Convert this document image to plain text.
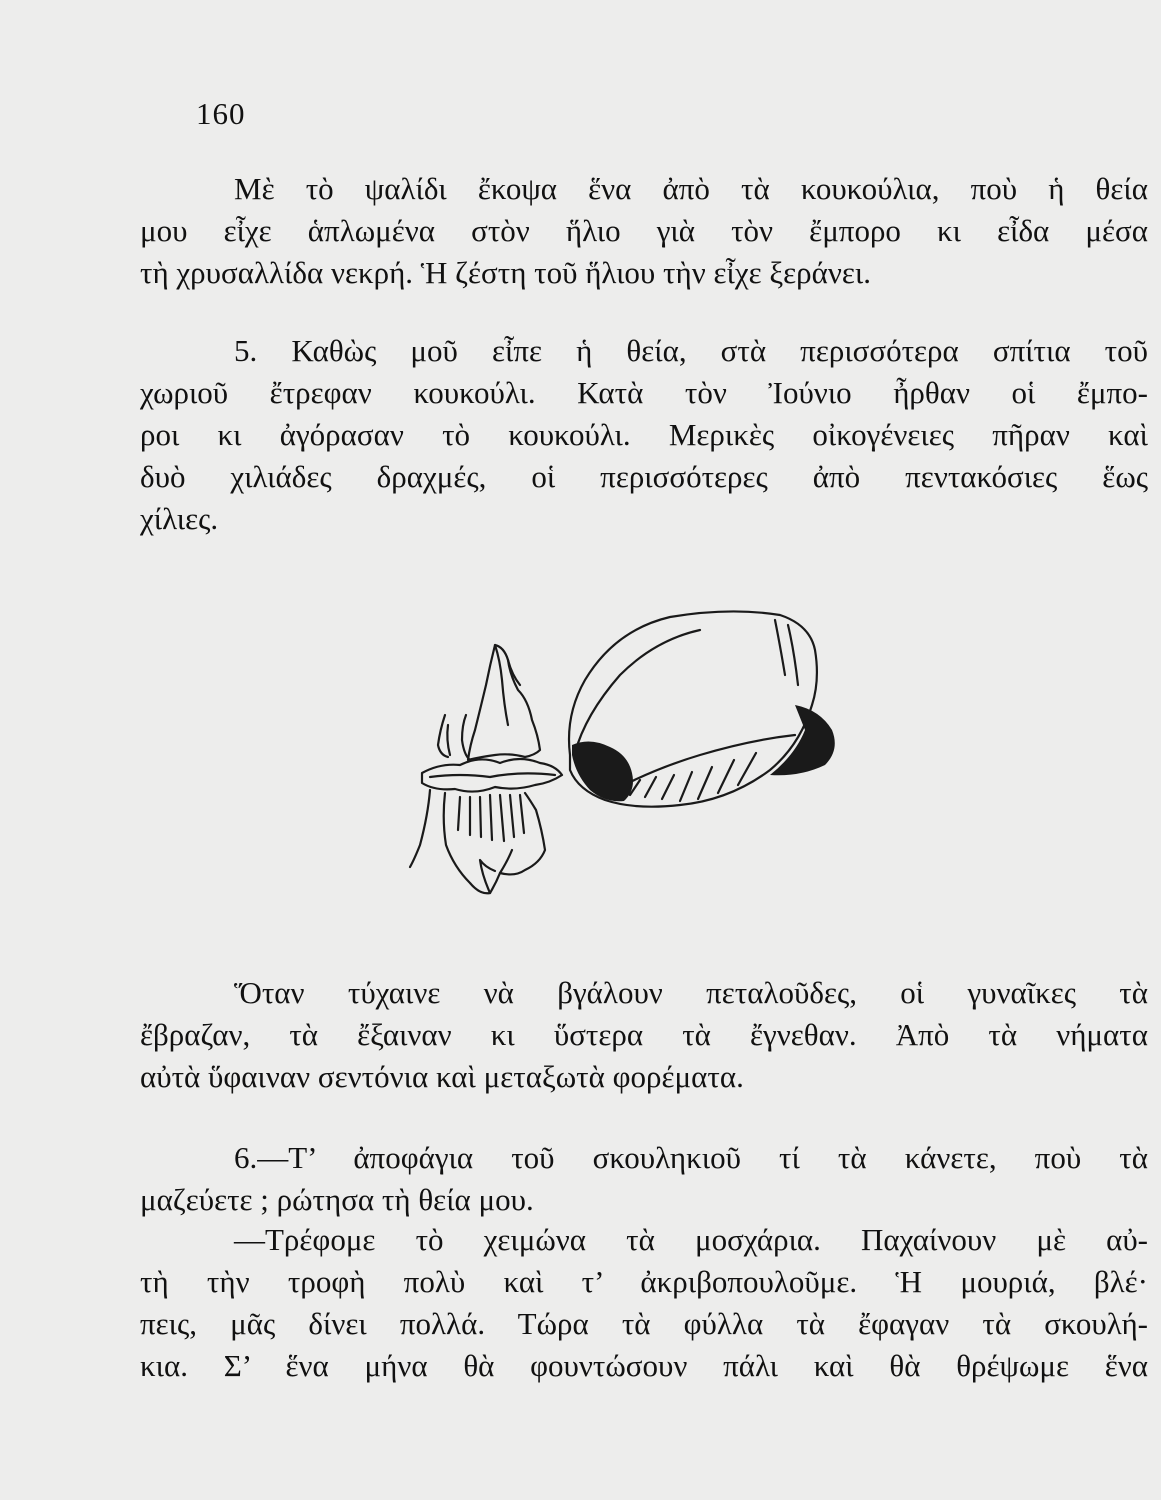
160
Μὲ τὸ ψαλίδι ἔκοψα ἕνα ἀπὸ τὰ κουκούλια, ποὺ ἡ θεία
μου εἶχε ἁπλωμένα στὸν ἥλιο γιὰ τὸν ἔμπορο κι εἶδα μέσα
τὴ χρυσαλλίδα νεκρή. Ἡ ζέστη τοῦ ἥλιου τὴν εἶχε ξεράνει.
5. Καθὼς μοῦ εἶπε ἡ θεία, στὰ περισσότερα σπίτια τοῦ
χωριοῦ ἔτρεφαν κουκούλι. Κατὰ τὸν Ἰούνιο ἦρθαν οἱ ἔμπο-
ροι κι ἀγόρασαν τὸ κουκούλι. Μερικὲς οἰκογένειες πῆραν καὶ
δυὸ χιλιάδες δραχμές, οἱ περισσότερες ἀπὸ πεντακόσιες ἕως
χίλιες.
Ὅταν τύχαινε νὰ βγάλουν πεταλοῦδες, οἱ γυναῖκες τὰ
ἔβραζαν, τὰ ἔξαιναν κι ὕστερα τὰ ἔγνεθαν. Ἀπὸ τὰ νήματα
αὐτὰ ὕφαιναν σεντόνια καὶ μεταξωτὰ φορέματα.
6.—Τ’ ἀποφάγια τοῦ σκουληκιοῦ τί τὰ κάνετε, ποὺ τὰ
μαζεύετε ; ρώτησα τὴ θεία μου.
—Τρέφομε τὸ χειμώνα τὰ μοσχάρια. Παχαίνουν μὲ αὐ-
τὴ τὴν τροφὴ πολὺ καὶ τ’ ἀκριβοπουλοῦμε. Ἡ μουριά, βλέ·
πεις, μᾶς δίνει πολλά. Τώρα τὰ φύλλα τὰ ἔφαγαν τὰ σκουλή-
κια. Σ’ ἕνα μήνα θὰ φουντώσουν πάλι καὶ θὰ θρέψωμε ἕνα
